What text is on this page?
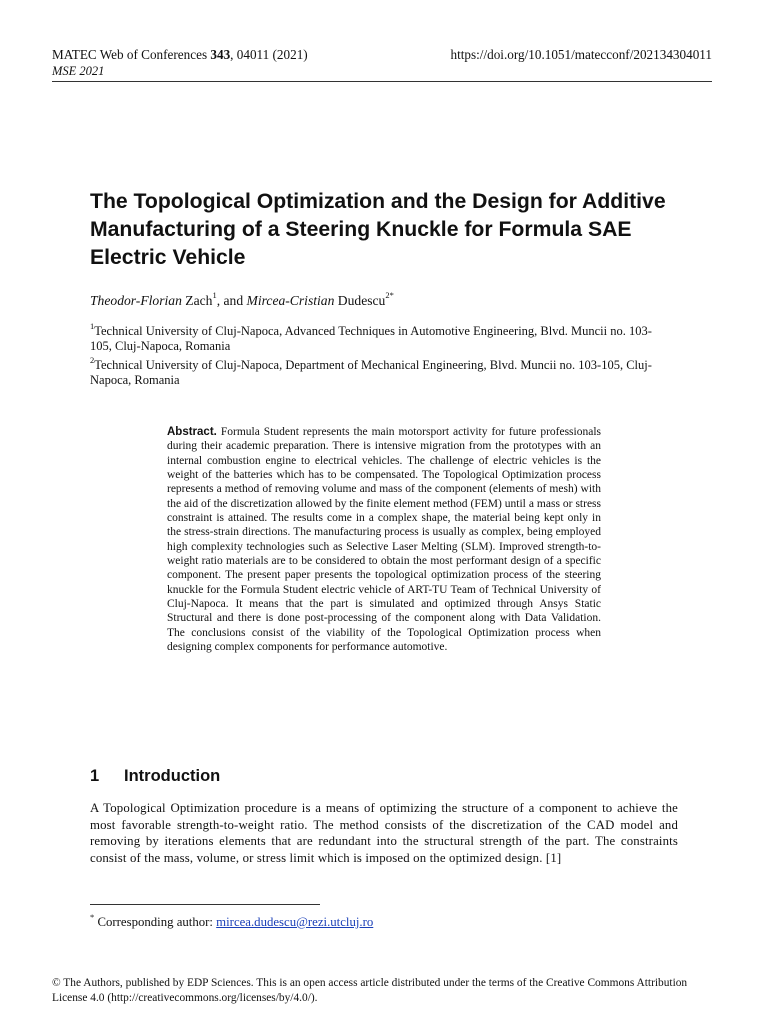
MATEC Web of Conferences 343, 04011 (2021)	https://doi.org/10.1051/matecconf/202134304011
MSE 2021
The Topological Optimization and the Design for Additive Manufacturing of a Steering Knuckle for Formula SAE Electric Vehicle
Theodor-Florian Zach$^1$, and Mircea-Cristian Dudescu$^{2*}$
$^1$Technical University of Cluj-Napoca, Advanced Techniques in Automotive Engineering, Blvd. Muncii no. 103-105, Cluj-Napoca, Romania
$^2$Technical University of Cluj-Napoca, Department of Mechanical Engineering, Blvd. Muncii no. 103-105, Cluj-Napoca, Romania

Abstract. Formula Student represents the main motorsport activity for future professionals during their academic preparation. There is intensive migration from the prototypes with an internal combustion engine to electrical vehicles. The challenge of electric vehicles is the weight of the batteries which has to be compensated. The Topological Optimization process represents a method of removing volume and mass of the component (elements of mesh) with the aid of the discretization allowed by the finite element method (FEM) until a mass or stress constraint is attained. The results come in a complex shape, the material being kept only in the stress-strain directions. The manufacturing process is usually as complex, being employed high complexity technologies such as Selective Laser Melting (SLM). Improved strength-to-weight ratio materials are to be considered to obtain the most performant design of a specific component. The present paper presents the topological optimization process of the steering knuckle for the Formula Student electric vehicle of ART-TU Team of Technical University of Cluj-Napoca. It means that the part is simulated and optimized through Ansys Static Structural and there is done post-processing of the component along with Data Validation. The conclusions consist of the viability of the Topological Optimization process when designing complex components for performance automotive.

1 Introduction

A Topological Optimization procedure is a means of optimizing the structure of a component to achieve the most favorable strength-to-weight ratio. The method consists of the discretization of the CAD model and removing by iterations elements that are redundant into the structural strength of the part. The constraints consist of the mass, volume, or stress limit which is imposed on the optimized design. [1]

* Corresponding author: mircea.dudescu@rezi.utcluj.ro
© The Authors, published by EDP Sciences. This is an open access article distributed under the terms of the Creative Commons Attribution License 4.0 (http://creativecommons.org/licenses/by/4.0/).
